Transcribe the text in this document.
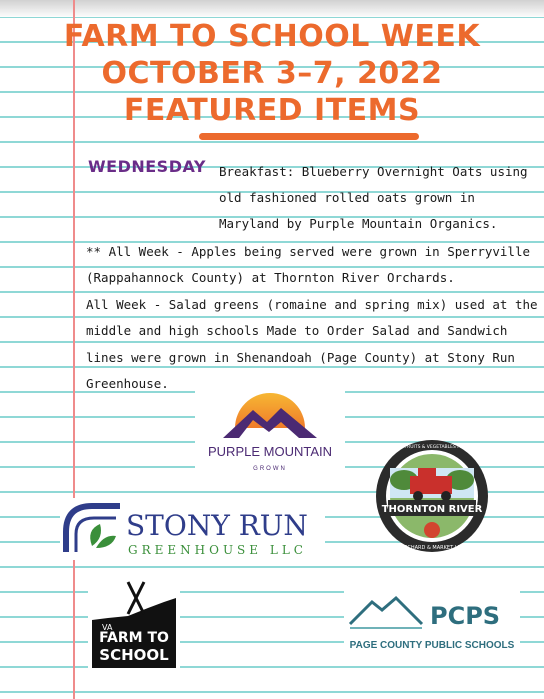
FARM TO SCHOOL WEEK
OCTOBER 3–7, 2022
FEATURED ITEMS
WEDNESDAY Breakfast: Blueberry Overnight Oats using
old fashioned rolled oats grown in
Maryland by Purple Mountain Organics.
** All Week - Apples being served were grown in Sperryville
(Rappahannock County) at Thornton River Orchards.
All Week - Salad greens (romaine and spring mix) used at the
middle and high schools Made to Order Salad and Sandwich
lines were grown in Shenandoah (Page County) at Stony Run
Greenhouse.
PURPLE MOUNTAIN
GROWN
THORNTON RIVER
FAMILY GROWN FRUITS & VEGETABLES FROM OUR FARM
ORCHARD & MARKET LLC
STONY RUN
GREENHOUSE LLC
VA
FARM TO
SCHOOL
PCPS
PAGE COUNTY PUBLIC SCHOOLS
